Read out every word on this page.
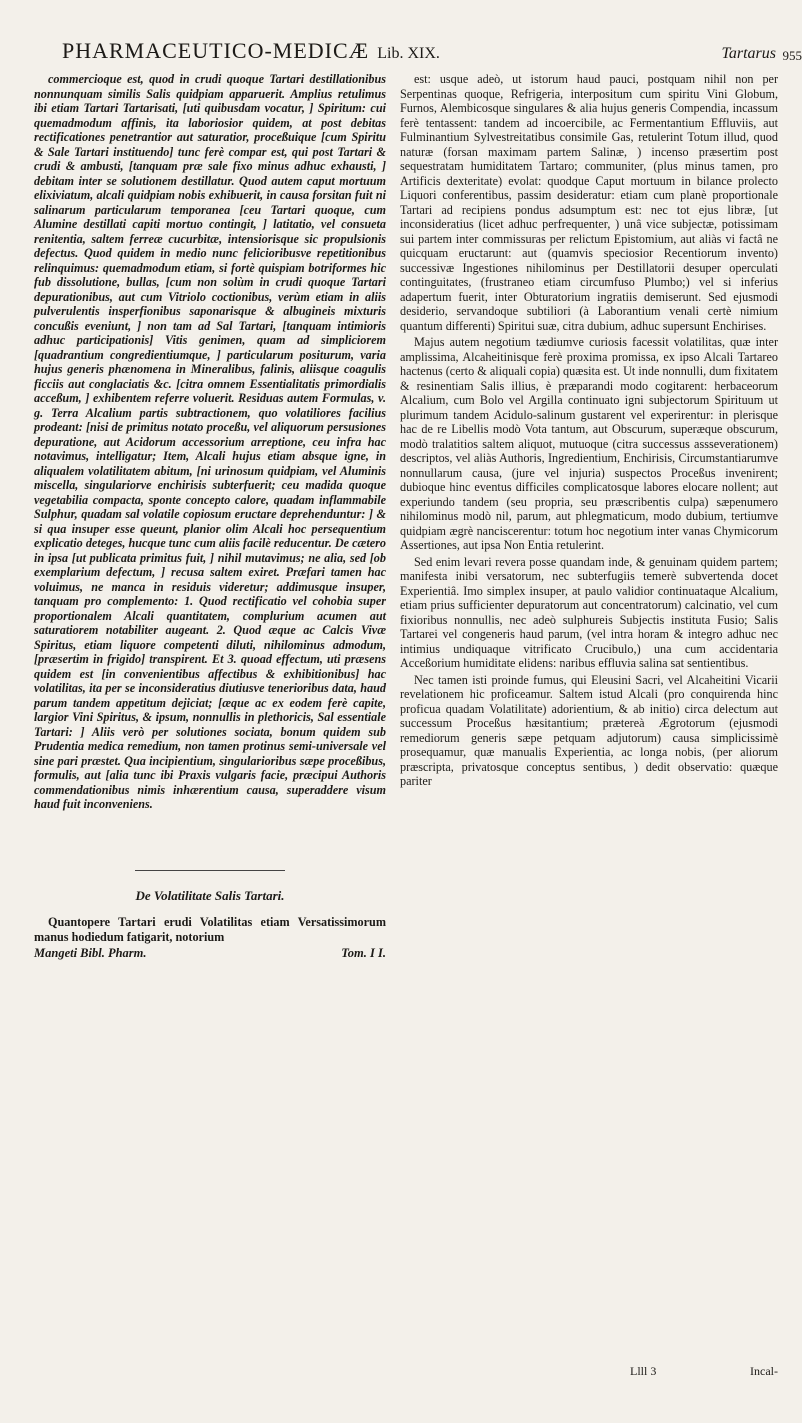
PHARMACEUTICO-MEDICÆ Lib. XIX.	Tartarus 955

commercioque est, quod in crudi quoque Tartari destillationibus nonnunquam similis Salis quidpiam apparuerit. Amplius retulimus ibi etiam Tartari Tartarisati, [uti quibusdam vocatur, ] Spiritum: cui quemadmodum affinis, ita laboriosior quidem, at post debitas rectificationes penetrantior aut saturatior, proceßuique [cum Spiritu & Sale Tartari instituendo] tunc ferè compar est, qui post Tartari & crudi & ambusti, [tanquam præ sale fixo minus adhuc exhausti, ] debitam inter se solutionem destillatur. Quod autem caput mortuum elixiviatum, alcali quidpiam nobis exhibuerit, in causa forsitan fuit ni salinarum particularum temporanea [ceu Tartari quoque, cum Alumine destillati capiti mortuo contingit, ] latitatio, vel consueta renitentia, saltem ferreæ cucurbitæ, intensiorisque sic propulsionis defectus. Quod quidem in medio nunc felicioribusve repetitionibus relinquimus: quemadmodum etiam, si fortè quispiam botriformes hic fub dissolutione, bullas, [cum non solùm in crudi quoque Tartari depurationibus, aut cum Vitriolo coctionibus, verùm etiam in aliis pulverulentis insperfionibus saponarisque & albugineis mixturis concußis eveniunt, ] non tam ad Sal Tartari, [tanquam intimioris adhuc participationis] Vitis genimen, quam ad simpliciorem [quadrantium congredientiumque, ] particularum positurum, varia hujus generis phænomena in Mineralibus, falinis, aliisque coagulis ficciis aut conglaciatis &c. [citra omnem Essentialitatis primordialis acceßum, ] exhibentem referre voluerit. Residuas autem Formulas, v. g. Terra Alcalium partis subtractionem, quo volatiliores facilius prodeant: [nisi de primitus notato proceßu, vel aliquorum persusiones depuratione, aut Acidorum accessorium arreptione, ceu infra hac notavimus, intelligatur; Item, Alcali hujus etiam absque igne, in aliqualem volatilitatem abitum, [ni urinosum quidpiam, vel Aluminis miscella, singulariorve enchirisis subterfuerit; ceu madida quoque vegetabilia compacta, sponte concepto calore, quadam inflammabile Sulphur, quadam sal volatile copiosum eructare deprehenduntur: ] & si qua insuper esse queunt, planior olim Alcali hoc persequentium explicatio deteges, hucque tunc cum aliis facilè reducentur. De cætero in ipsa [ut publicata primitus fuit, ] nihil mutavimus; ne alia, sed [ob exemplarium defectum, ] recusa saltem exiret. Præfari tamen hac voluimus, ne manca in residuis videretur; addimusque insuper, tanquam pro complemento: 1. Quod rectificatio vel cohobia super proportionalem Alcali quantitatem, complurium acumen aut saturatiorem notabiliter augeant. 2. Quod æque ac Calcis Vivæ Spiritus, etiam liquore competenti diluti, nihilominus admodum, [præsertim in frigido] transpirent. Et 3. quoad effectum, uti præsens quidem est [in convenientibus affectibus & exhibitionibus] hac volatilitas, ita per se inconsideratius diutiusve tenerioribus data, haud parum tandem appetitum dejiciat; [æque ac ex eodem ferè capite, largior Vini Spiritus, & ipsum, nonnullis in plethoricis, Sal essentiale Tartari: ] Aliis verò per solutiones sociata, bonum quidem sub Prudentia medica remedium, non tamen protinus semi-universale vel sine pari præstet. Qua incipientium, singularioribus sæpe proceßibus, formulis, aut [alia tunc ibi Praxis vulgaris facie, præcipui Authoris commendationibus nimis inhærentium causa, superaddere visum haud fuit inconveniens.

De Volatilitate Salis Tartari.

Quantopere Tartari erudi Volatilitas etiam Versatissimorum manus hodiedum fatigarit, notorium

Mangeti Bibl. Pharm.	Tom. I I.

est: usque adeò, ut istorum haud pauci, postquam nihil non per Serpentinas quoque, Refrigeria, interpositum cum spiritu Vini Globum, Furnos, Alembicosque singulares & alia hujus generis Compendia, incassum ferè tentassent: tandem ad incoercibile, ac Fermentantium Effluviis, aut Fulminantium Sylvestreitatibus consimile Gas, retulerint Totum illud, quod naturæ (forsan maximam partem Salinæ, ) incenso præsertim post sequestratam humiditatem Tartaro; communiter, (plus minus tamen, pro Artificis dexteritate) evolat: quodque Caput mortuum in bilance prolecto Liquori conferentibus, passim desideratur: etiam cum planè proportionale Tartari ad recipiens pondus adsumptum est: nec tot ejus libræ, [ut inconsideratius (licet adhuc perfrequenter, ) unâ vice subjectæ, potissimam sui partem inter commissuras per relictum Epistomium, aut aliàs vi factâ ne quicquam eructarunt: aut (quamvis speciosior Recentiorum invento) successivæ Ingestiones nihilominus per Destillatorii desuper operculati continguitates, (frustraneo etiam circumfuso Plumbo;) vel si inferius adapertum fuerit, inter Obturatorium ingratiis demiserunt. Sed ejusmodi desiderio, servandoque subtiliori (à Laborantium venali certè nimium quantum differenti) Spiritui suæ, citra dubium, adhuc supersunt Enchirises.

Majus autem negotium tædiumve curiosis facessit volatilitas, quæ inter amplissima, Alcaheitinisque ferè proxima promissa, ex ipso Alcali Tartareo hactenus (certo & aliquali copia) quæsita est. Ut inde nonnulli, dum fixitatem & resinentiam Salis illius, è præparandi modo cogitarent: herbaceorum Alcalium, cum Bolo vel Argilla continuato igni subjectorum Spirituum ut plurimum tandem Acidulo-salinum gustarent vel experirentur: in plerisque hac de re Libellis modò Vota tantum, aut Obscurum, superæque obscurum, modò tralatitios saltem aliquot, mutuoque (citra successus assseverationem) descriptos, vel aliàs Authoris, Ingredientium, Enchirisis, Circumstantiarumve nonnullarum causa, (jure vel injuria) suspectos Proceßus invenirent; dubioque hinc eventus difficiles complicatosque labores elocare nollent; aut experiundo tandem (seu propria, seu præscribentis culpa) sæpenumero nihilominus modò nil, parum, aut phlegmaticum, modo dubium, tertiumve quidpiam ægrè nanciscerentur: totum hoc negotium inter vanas Chymicorum Assertiones, aut ipsa Non Entia retulerint.

Sed enim levari revera posse quandam inde, & genuinam quidem partem; manifesta inibi versatorum, nec subterfugiis temerè subvertenda docet Experientiâ. Imo simplex insuper, at paulo validior continuataque Alcalium, etiam prius sufficienter depuratorum aut concentratorum) calcinatio, vel cum fixioribus nonnullis, nec adeò sulphureis Subjectis instituta Fusio; Salis Tartarei vel congeneris haud parum, (vel intra horam & integro adhuc nec intimius undiquaque vitrificato Crucibulo,) una cum accidentaria Acceßorium humiditate elidens: naribus effluvia salina sat sentientibus.

Nec tamen isti proinde fumus, qui Eleusini Sacri, vel Alcaheitini Vicarii revelationem hic proficeamur. Saltem istud Alcali (pro conquirenda hinc proficua quadam Volatilitate) adorientium, & ab initio) circa delectum aut successum Proceßus hæsitantium; prætereà Ægrotorum (ejusmodi remediorum generis sæpe petquam adjutorum) causa simplicissimè prosequamur, quæ manualis Experientia, ac longa nobis, (per aliorum præscripta, privatosque conceptus sentibus, ) dedit observatio: quæque pariter

Llll 3	Incal-
